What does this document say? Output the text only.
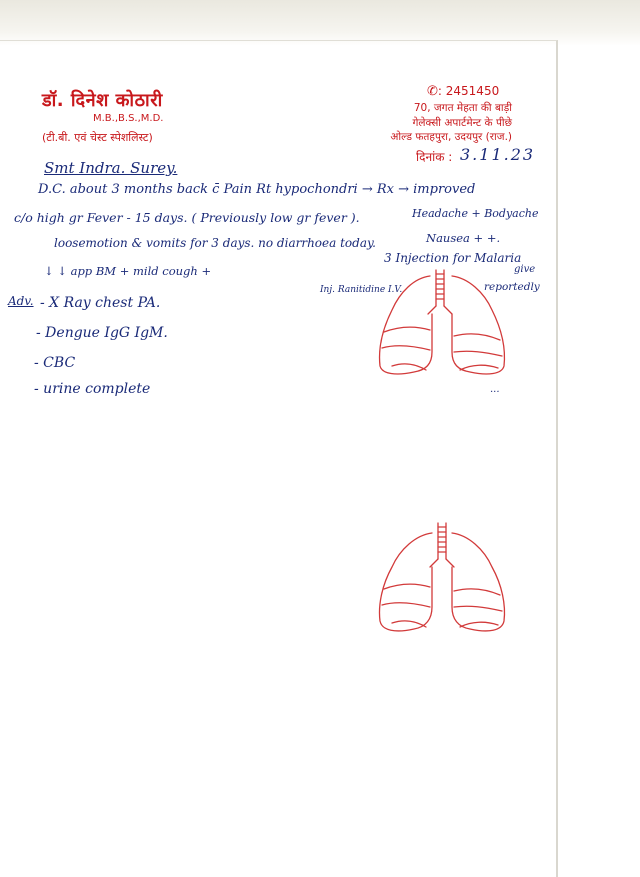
डॉ. दिनेश कोठारी
M.B.,B.S.,M.D.
(टी.बी. एवं चेस्ट स्पेशलिस्ट)
✆: 2451450
70, जगत मेहता की बाड़ी
गेलेक्सी अपार्टमेन्ट के पीछे
ओल्ड फतहपुरा, उदयपुर (राज.)
दिनांक : 3.11.23
Smt Indra. Surey.
D.C. about 3 months back c̄ Pain Rt hypochondri → Rx → improved
c/o high gr Fever - 15 days. ( Previously low gr fever ).	Headache + Bodyache
loosemotion & vomits for 3 days. no diarrhoea today.	Nausea + +.
↓ ↓ app BM + mild cough +
3 Injection for Malaria
give
Inj. Ranitidine I.V.	reportedly
Adv. - X Ray chest PA.
- Dengue IgG IgM.
- CBC
- urine complete	...
